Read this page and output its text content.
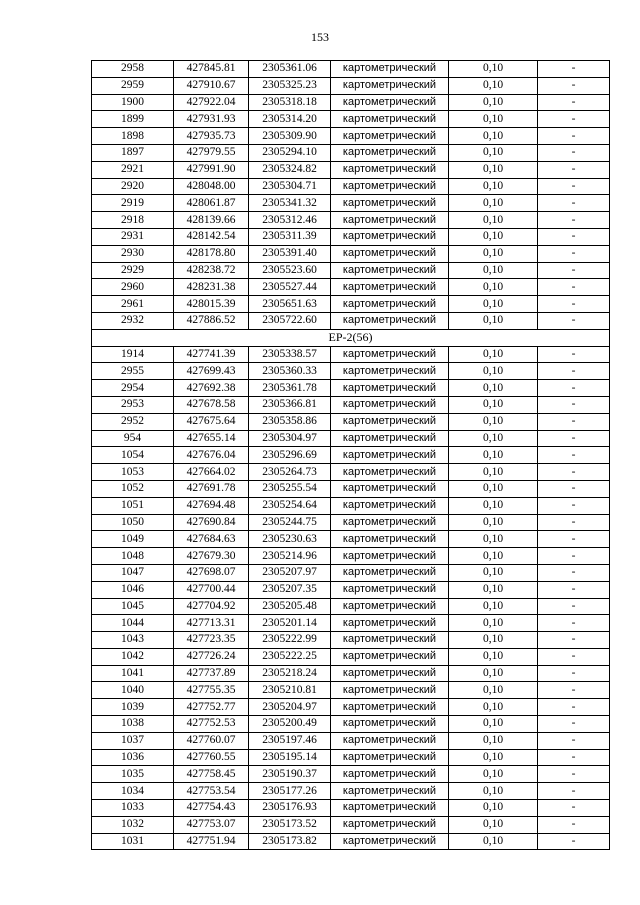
153
2958	427845.81	2305361.06	картометрический	0,10	-
2959	427910.67	2305325.23	картометрический	0,10	-
1900	427922.04	2305318.18	картометрический	0,10	-
1899	427931.93	2305314.20	картометрический	0,10	-
1898	427935.73	2305309.90	картометрический	0,10	-
1897	427979.55	2305294.10	картометрический	0,10	-
2921	427991.90	2305324.82	картометрический	0,10	-
2920	428048.00	2305304.71	картометрический	0,10	-
2919	428061.87	2305341.32	картометрический	0,10	-
2918	428139.66	2305312.46	картометрический	0,10	-
2931	428142.54	2305311.39	картометрический	0,10	-
2930	428178.80	2305391.40	картометрический	0,10	-
2929	428238.72	2305523.60	картометрический	0,10	-
2960	428231.38	2305527.44	картометрический	0,10	-
2961	428015.39	2305651.63	картометрический	0,10	-
2932	427886.52	2305722.60	картометрический	0,10	-
ЕР-2(56)					
1914	427741.39	2305338.57	картометрический	0,10	-
2955	427699.43	2305360.33	картометрический	0,10	-
2954	427692.38	2305361.78	картометрический	0,10	-
2953	427678.58	2305366.81	картометрический	0,10	-
2952	427675.64	2305358.86	картометрический	0,10	-
954	427655.14	2305304.97	картометрический	0,10	-
1054	427676.04	2305296.69	картометрический	0,10	-
1053	427664.02	2305264.73	картометрический	0,10	-
1052	427691.78	2305255.54	картометрический	0,10	-
1051	427694.48	2305254.64	картометрический	0,10	-
1050	427690.84	2305244.75	картометрический	0,10	-
1049	427684.63	2305230.63	картометрический	0,10	-
1048	427679.30	2305214.96	картометрический	0,10	-
1047	427698.07	2305207.97	картометрический	0,10	-
1046	427700.44	2305207.35	картометрический	0,10	-
1045	427704.92	2305205.48	картометрический	0,10	-
1044	427713.31	2305201.14	картометрический	0,10	-
1043	427723.35	2305222.99	картометрический	0,10	-
1042	427726.24	2305222.25	картометрический	0,10	-
1041	427737.89	2305218.24	картометрический	0,10	-
1040	427755.35	2305210.81	картометрический	0,10	-
1039	427752.77	2305204.97	картометрический	0,10	-
1038	427752.53	2305200.49	картометрический	0,10	-
1037	427760.07	2305197.46	картометрический	0,10	-
1036	427760.55	2305195.14	картометрический	0,10	-
1035	427758.45	2305190.37	картометрический	0,10	-
1034	427753.54	2305177.26	картометрический	0,10	-
1033	427754.43	2305176.93	картометрический	0,10	-
1032	427753.07	2305173.52	картометрический	0,10	-
1031	427751.94	2305173.82	картометрический	0,10	-
